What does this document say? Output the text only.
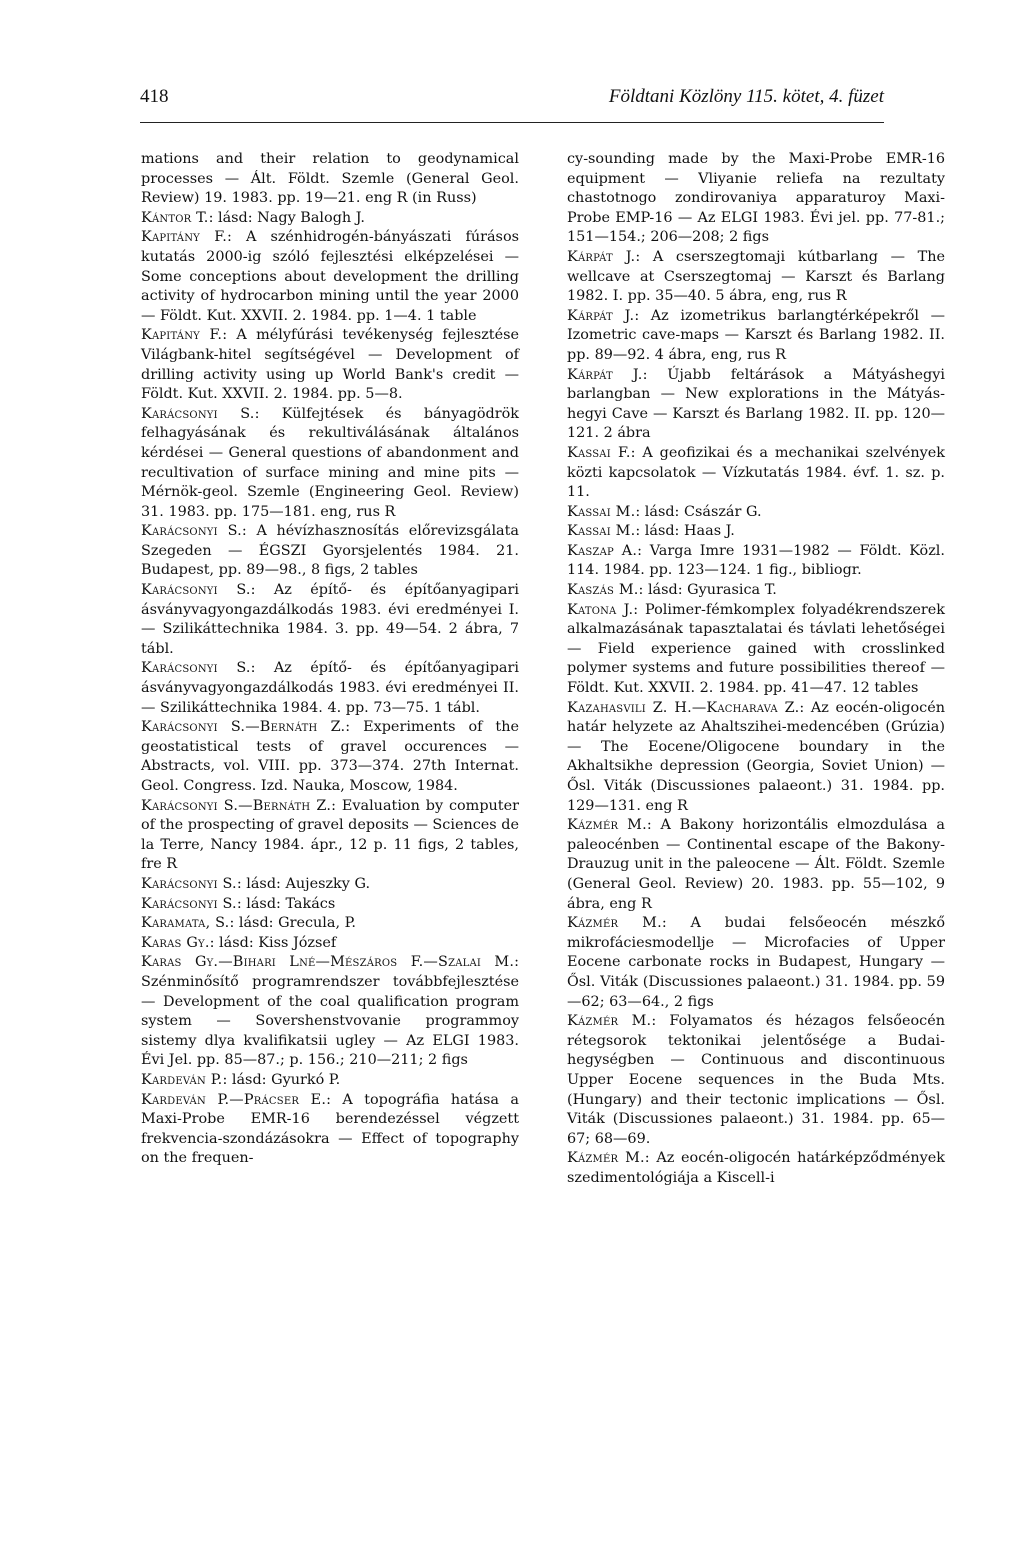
418	Földtani Közlöny 115. kötet, 4. füzet

mations and their relation to geodynamical processes — Ált. Földt. Szemle (General Geol. Review) 19. 1983. pp. 19—21. eng R (in Russ)

Kántor T.: lásd: Nagy Balogh J.

Kapitány F.: A szénhidrogén-bányászati fúrásos kutatás 2000-ig szóló fejlesztési elképzelései — Some conceptions about development the drilling activity of hydrocarbon mining until the year 2000 — Földt. Kut. XXVII. 2. 1984. pp. 1—4. 1 table

Kapitány F.: A mélyfúrási tevékenység fejlesztése Világbank-hitel segítségével — Development of drilling activity using up World Bank's credit — Földt. Kut. XXVII. 2. 1984. pp. 5—8.

Karácsonyi S.: Külfejtések és bányagödrök felhagyásának és rekultiválásának általános kérdései — General questions of abandonment and recultivation of surface mining and mine pits — Mérnök-geol. Szemle (Engineering Geol. Review) 31. 1983. pp. 175—181. eng, rus R

Karácsonyi S.: A hévízhasznosítás előrevizsgálata Szegeden — ÉGSZI Gyorsjelentés 1984. 21. Budapest, pp. 89—98., 8 figs, 2 tables

Karácsonyi S.: Az építő- és építőanyagipari ásványvagyongazdálkodás 1983. évi eredményei I. — Szilikáttechnika 1984. 3. pp. 49—54. 2 ábra, 7 tábl.

Karácsonyi S.: Az építő- és építőanyagipari ásványvagyongazdálkodás 1983. évi eredményei II. — Szilikáttechnika 1984. 4. pp. 73—75. 1 tábl.

Karácsonyi S.—Bernáth Z.: Experiments of the geostatistical tests of gravel occurences — Abstracts, vol. VIII. pp. 373—374. 27th Internat. Geol. Congress. Izd. Nauka, Moscow, 1984.

Karácsonyi S.—Bernáth Z.: Evaluation by computer of the prospecting of gravel deposits — Sciences de la Terre, Nancy 1984. ápr., 12 p. 11 figs, 2 tables, fre R

Karácsonyi S.: lásd: Aujeszky G.

Karácsonyi S.: lásd: Takács

Karamata, S.: lásd: Grecula, P.

Karas Gy.: lásd: Kiss József

Karas Gy.—Bihari Lné—Mészáros F.—Szalai M.: Szénminősítő programrendszer továbbfejlesztése — Development of the coal qualification program system — Sovershenstvovanie programmoy sistemy dlya kvalifikatsii ugley — Az ELGI 1983. Évi Jel. pp. 85—87.; p. 156.; 210—211; 2 figs

Kardeván P.: lásd: Gyurkó P.

Kardeván P.—Prácser E.: A topográfia hatása a Maxi-Probe EMR-16 berendezéssel végzett frekvencia-szondázásokra — Effect of topography on the frequen-

cy-sounding made by the Maxi-Probe EMR-16 equipment — Vliyanie reliefa na rezultaty chastotnogo zondirovaniya apparaturoy Maxi-Probe EMP-16 — Az ELGI 1983. Évi jel. pp. 77-81.; 151—154.; 206—208; 2 figs

Kárpát J.: A cserszegtomaji kútbarlang — The wellcave at Cserszegtomaj — Karszt és Barlang 1982. I. pp. 35—40. 5 ábra, eng, rus R

Kárpát J.: Az izometrikus barlangtérképekről — Izometric cave-maps — Karszt és Barlang 1982. II. pp. 89—92. 4 ábra, eng, rus R

Kárpát J.: Újabb feltárások a Mátyáshegyi barlangban — New explorations in the Mátyás-hegyi Cave — Karszt és Barlang 1982. II. pp. 120—121. 2 ábra

Kassai F.: A geofizikai és a mechanikai szelvények közti kapcsolatok — Vízkutatás 1984. évf. 1. sz. p. 11.

Kassai M.: lásd: Császár G.

Kassai M.: lásd: Haas J.

Kaszap A.: Varga Imre 1931—1982 — Földt. Közl. 114. 1984. pp. 123—124. 1 fig., bibliogr.

Kaszás M.: lásd: Gyurasica T.

Katona J.: Polimer-fémkomplex folyadékrendszerek alkalmazásának tapasztalatai és távlati lehetőségei — Field experience gained with crosslinked polymer systems and future possibilities thereof — Földt. Kut. XXVII. 2. 1984. pp. 41—47. 12 tables

Kazahasvili Z. H.—Kacharava Z.: Az eocén-oligocén határ helyzete az Ahaltszihei-medencében (Grúzia) — The Eocene/Oligocene boundary in the Akhaltsikhe depression (Georgia, Soviet Union) — Ősl. Viták (Discussiones palaeont.) 31. 1984. pp. 129—131. eng R

Kázmér M.: A Bakony horizontális elmozdulása a paleocénben — Continental escape of the Bakony-Drauzug unit in the paleocene — Ált. Földt. Szemle (General Geol. Review) 20. 1983. pp. 55—102, 9 ábra, eng R

Kázmér M.: A budai felsőeocén mészkő mikrofáciesmodellje — Microfacies of Upper Eocene carbonate rocks in Budapest, Hungary — Ősl. Viták (Discussiones palaeont.) 31. 1984. pp. 59—62; 63—64., 2 figs

Kázmér M.: Folyamatos és hézagos felsőeocén rétegsorok tektonikai jelentősége a Budai-hegységben — Continuous and discontinuous Upper Eocene sequences in the Buda Mts. (Hungary) and their tectonic implications — Ősl. Viták (Discussiones palaeont.) 31. 1984. pp. 65—67; 68—69.

Kázmér M.: Az eocén-oligocén határképződmények szedimentológiája a Kiscell-i
